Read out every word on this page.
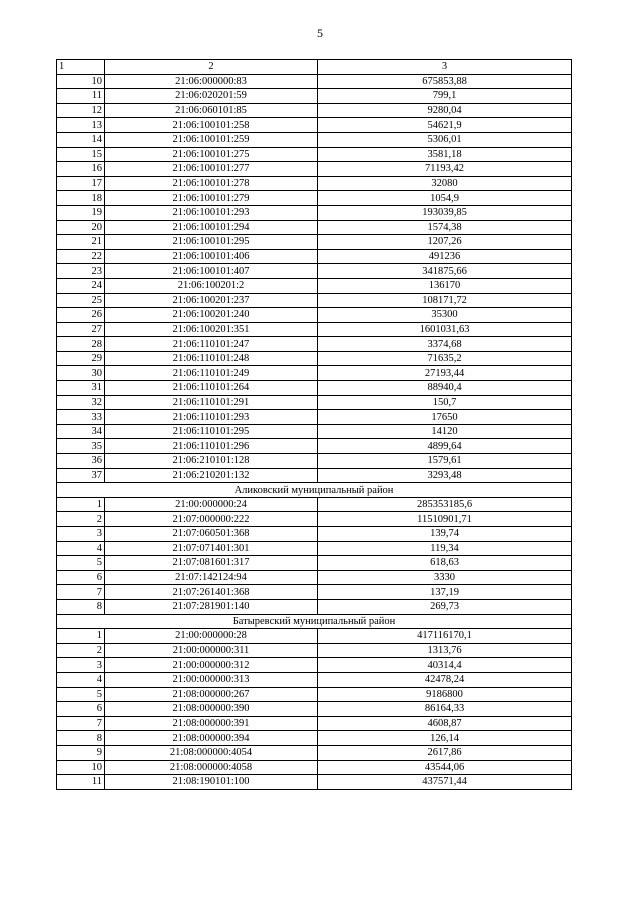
5
1	2	3
10	21:06:000000:83	675853,88
11	21:06:020201:59	799,1
12	21:06:060101:85	9280,04
13	21:06:100101:258	54621,9
14	21:06:100101:259	5306,01
15	21:06:100101:275	3581,18
16	21:06:100101:277	71193,42
17	21:06:100101:278	32080
18	21:06:100101:279	1054,9
19	21:06:100101:293	193039,85
20	21:06:100101:294	1574,38
21	21:06:100101:295	1207,26
22	21:06:100101:406	491236
23	21:06:100101:407	341875,66
24	21:06:100201:2	136170
25	21:06:100201:237	108171,72
26	21:06:100201:240	35300
27	21:06:100201:351	1601031,63
28	21:06:110101:247	3374,68
29	21:06:110101:248	71635,2
30	21:06:110101:249	27193,44
31	21:06:110101:264	88940,4
32	21:06:110101:291	150,7
33	21:06:110101:293	17650
34	21:06:110101:295	14120
35	21:06:110101:296	4899,64
36	21:06:210101:128	1579,61
37	21:06:210201:132	3293,48
Аликовский муниципальный район		
1	21:00:000000:24	285353185,6
2	21:07:000000:222	11510901,71
3	21:07:060501:368	139,74
4	21:07:071401:301	119,34
5	21:07:081601:317	618,63
6	21:07:142124:94	3330
7	21:07:261401:368	137,19
8	21:07:281901:140	269,73
Батыревский муниципальный район		
1	21:00:000000:28	417116170,1
2	21:00:000000:311	1313,76
3	21:00:000000:312	40314,4
4	21:00:000000:313	42478,24
5	21:08:000000:267	9186800
6	21:08:000000:390	86164,33
7	21:08:000000:391	4608,87
8	21:08:000000:394	126,14
9	21:08:000000:4054	2617,86
10	21:08:000000:4058	43544,06
11	21:08:190101:100	437571,44
